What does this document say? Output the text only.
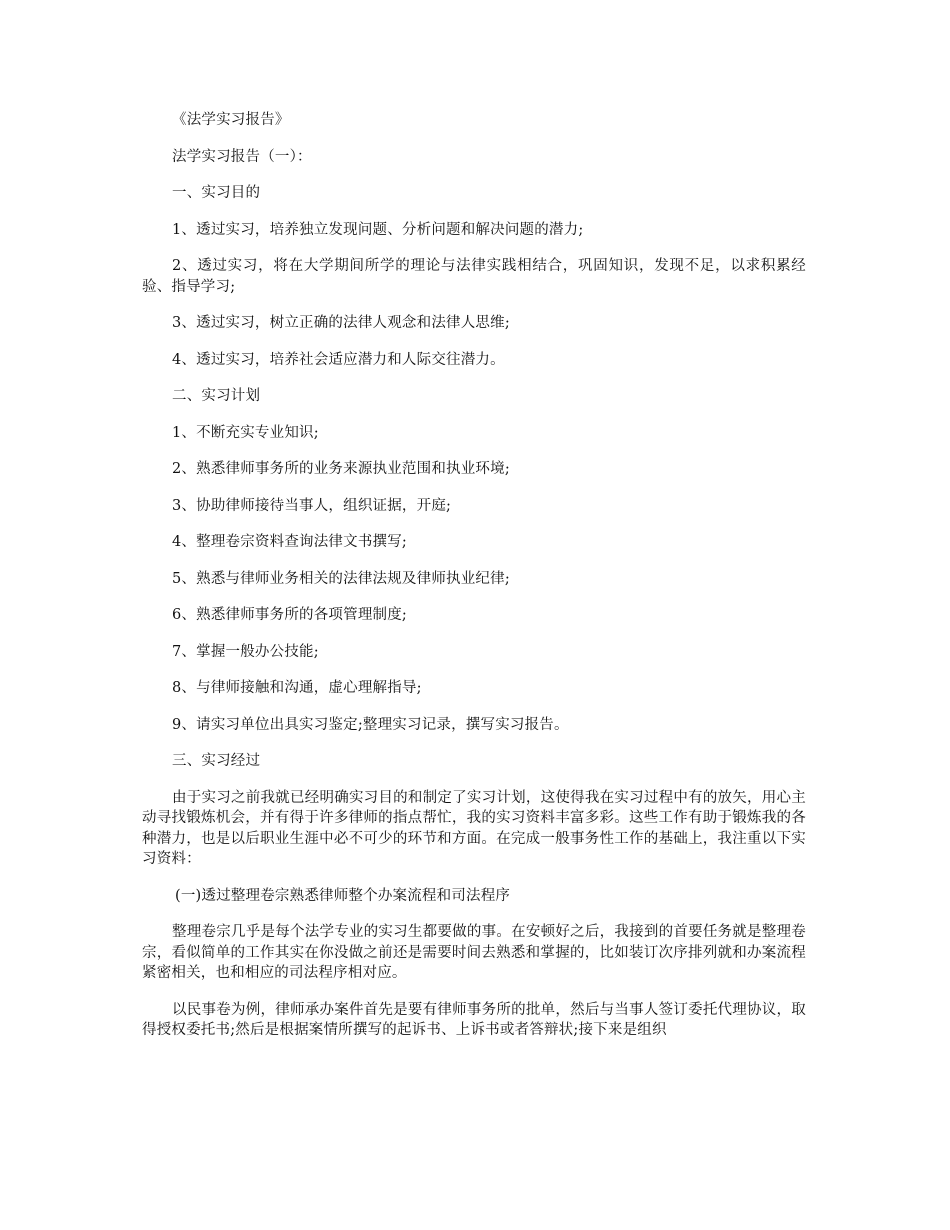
《法学实习报告》

法学实习报告（一）：

一、实习目的

1、透过实习，培养独立发现问题、分析问题和解决问题的潜力;

2、透过实习，将在大学期间所学的理论与法律实践相结合，巩固知识，发现不足，以求积累经验、指导学习;

3、透过实习，树立正确的法律人观念和法律人思维;

4、透过实习，培养社会适应潜力和人际交往潜力。

二、实习计划

1、不断充实专业知识;

2、熟悉律师事务所的业务来源执业范围和执业环境;

3、协助律师接待当事人，组织证据，开庭;

4、整理卷宗资料查询法律文书撰写;

5、熟悉与律师业务相关的法律法规及律师执业纪律;

6、熟悉律师事务所的各项管理制度;

7、掌握一般办公技能;

8、与律师接触和沟通，虚心理解指导;

9、请实习单位出具实习鉴定;整理实习记录，撰写实习报告。

三、实习经过

由于实习之前我就已经明确实习目的和制定了实习计划，这使得我在实习过程中有的放矢，用心主动寻找锻炼机会，并有得于许多律师的指点帮忙，我的实习资料丰富多彩。这些工作有助于锻炼我的各种潜力，也是以后职业生涯中必不可少的环节和方面。在完成一般事务性工作的基础上，我注重以下实习资料：

(一)透过整理卷宗熟悉律师整个办案流程和司法程序

整理卷宗几乎是每个法学专业的实习生都要做的事。在安顿好之后，我接到的首要任务就是整理卷宗，看似简单的工作其实在你没做之前还是需要时间去熟悉和掌握的，比如装订次序排列就和办案流程紧密相关，也和相应的司法程序相对应。

以民事卷为例，律师承办案件首先是要有律师事务所的批单，然后与当事人签订委托代理协议，取得授权委托书;然后是根据案情所撰写的起诉书、上诉书或者答辩状;接下来是组织
